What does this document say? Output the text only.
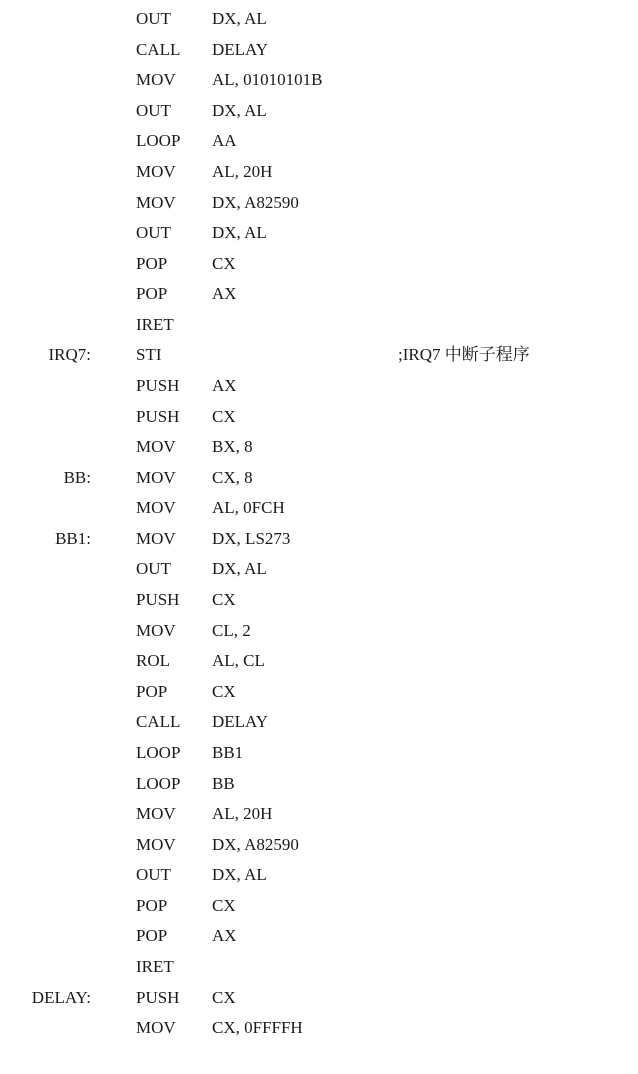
OUT DX, AL
CALL DELAY
MOV AL, 01010101B
OUT DX, AL
LOOP AA
MOV AL, 20H
MOV DX, A82590
OUT DX, AL
POP	CX
POP	AX
IRET
IRQ7:	STI	;IRQ7 中断子程序
PUSH AX
PUSH CX
MOV BX, 8
BB:	MOV CX, 8
MOV AL, 0FCH
BB1:	MOV DX, LS273
OUT DX, AL
PUSH CX
MOV CL, 2
ROL AL, CL
POP	CX
CALL DELAY
LOOP BB1
LOOP BB
MOV AL, 20H
MOV DX, A82590
OUT DX, AL
POP	CX
POP	AX
IRET
DELAY:	PUSH CX
MOV CX, 0FFFFH
